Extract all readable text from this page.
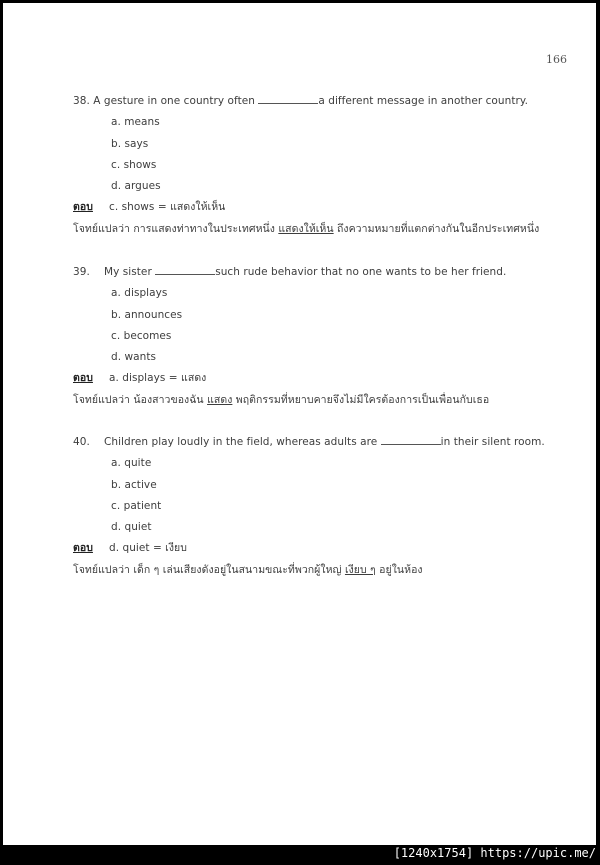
166
38. A gesture in one country often	a different message in another country.
a. means
b. says
c. shows
d. argues
ตอบ c. shows = แสดงให้เห็น
โจทย์แปลว่า การแสดงท่าทางในประเทศหนึ่ง แสดงให้เห็น ถึงความหมายที่แตกต่างกันในอีกประเทศหนึ่ง
39. My sister	such rude behavior that no one wants to be her friend.
a. displays
b. announces
c. becomes
d. wants
ตอบ a. displays = แสดง
โจทย์แปลว่า น้องสาวของฉัน แสดง พฤติกรรมที่หยาบคายจึงไม่มีใครต้องการเป็นเพื่อนกับเธอ
40. Children play loudly in the field, whereas adults are	in their silent room.
a. quite
b. active
c. patient
d. quiet
ตอบ d. quiet = เงียบ
โจทย์แปลว่า เด็ก ๆ เล่นเสียงดังอยู่ในสนามขณะที่พวกผู้ใหญ่ เงียบ ๆ อยู่ในห้อง
[1240x1754] https://upic.me/
